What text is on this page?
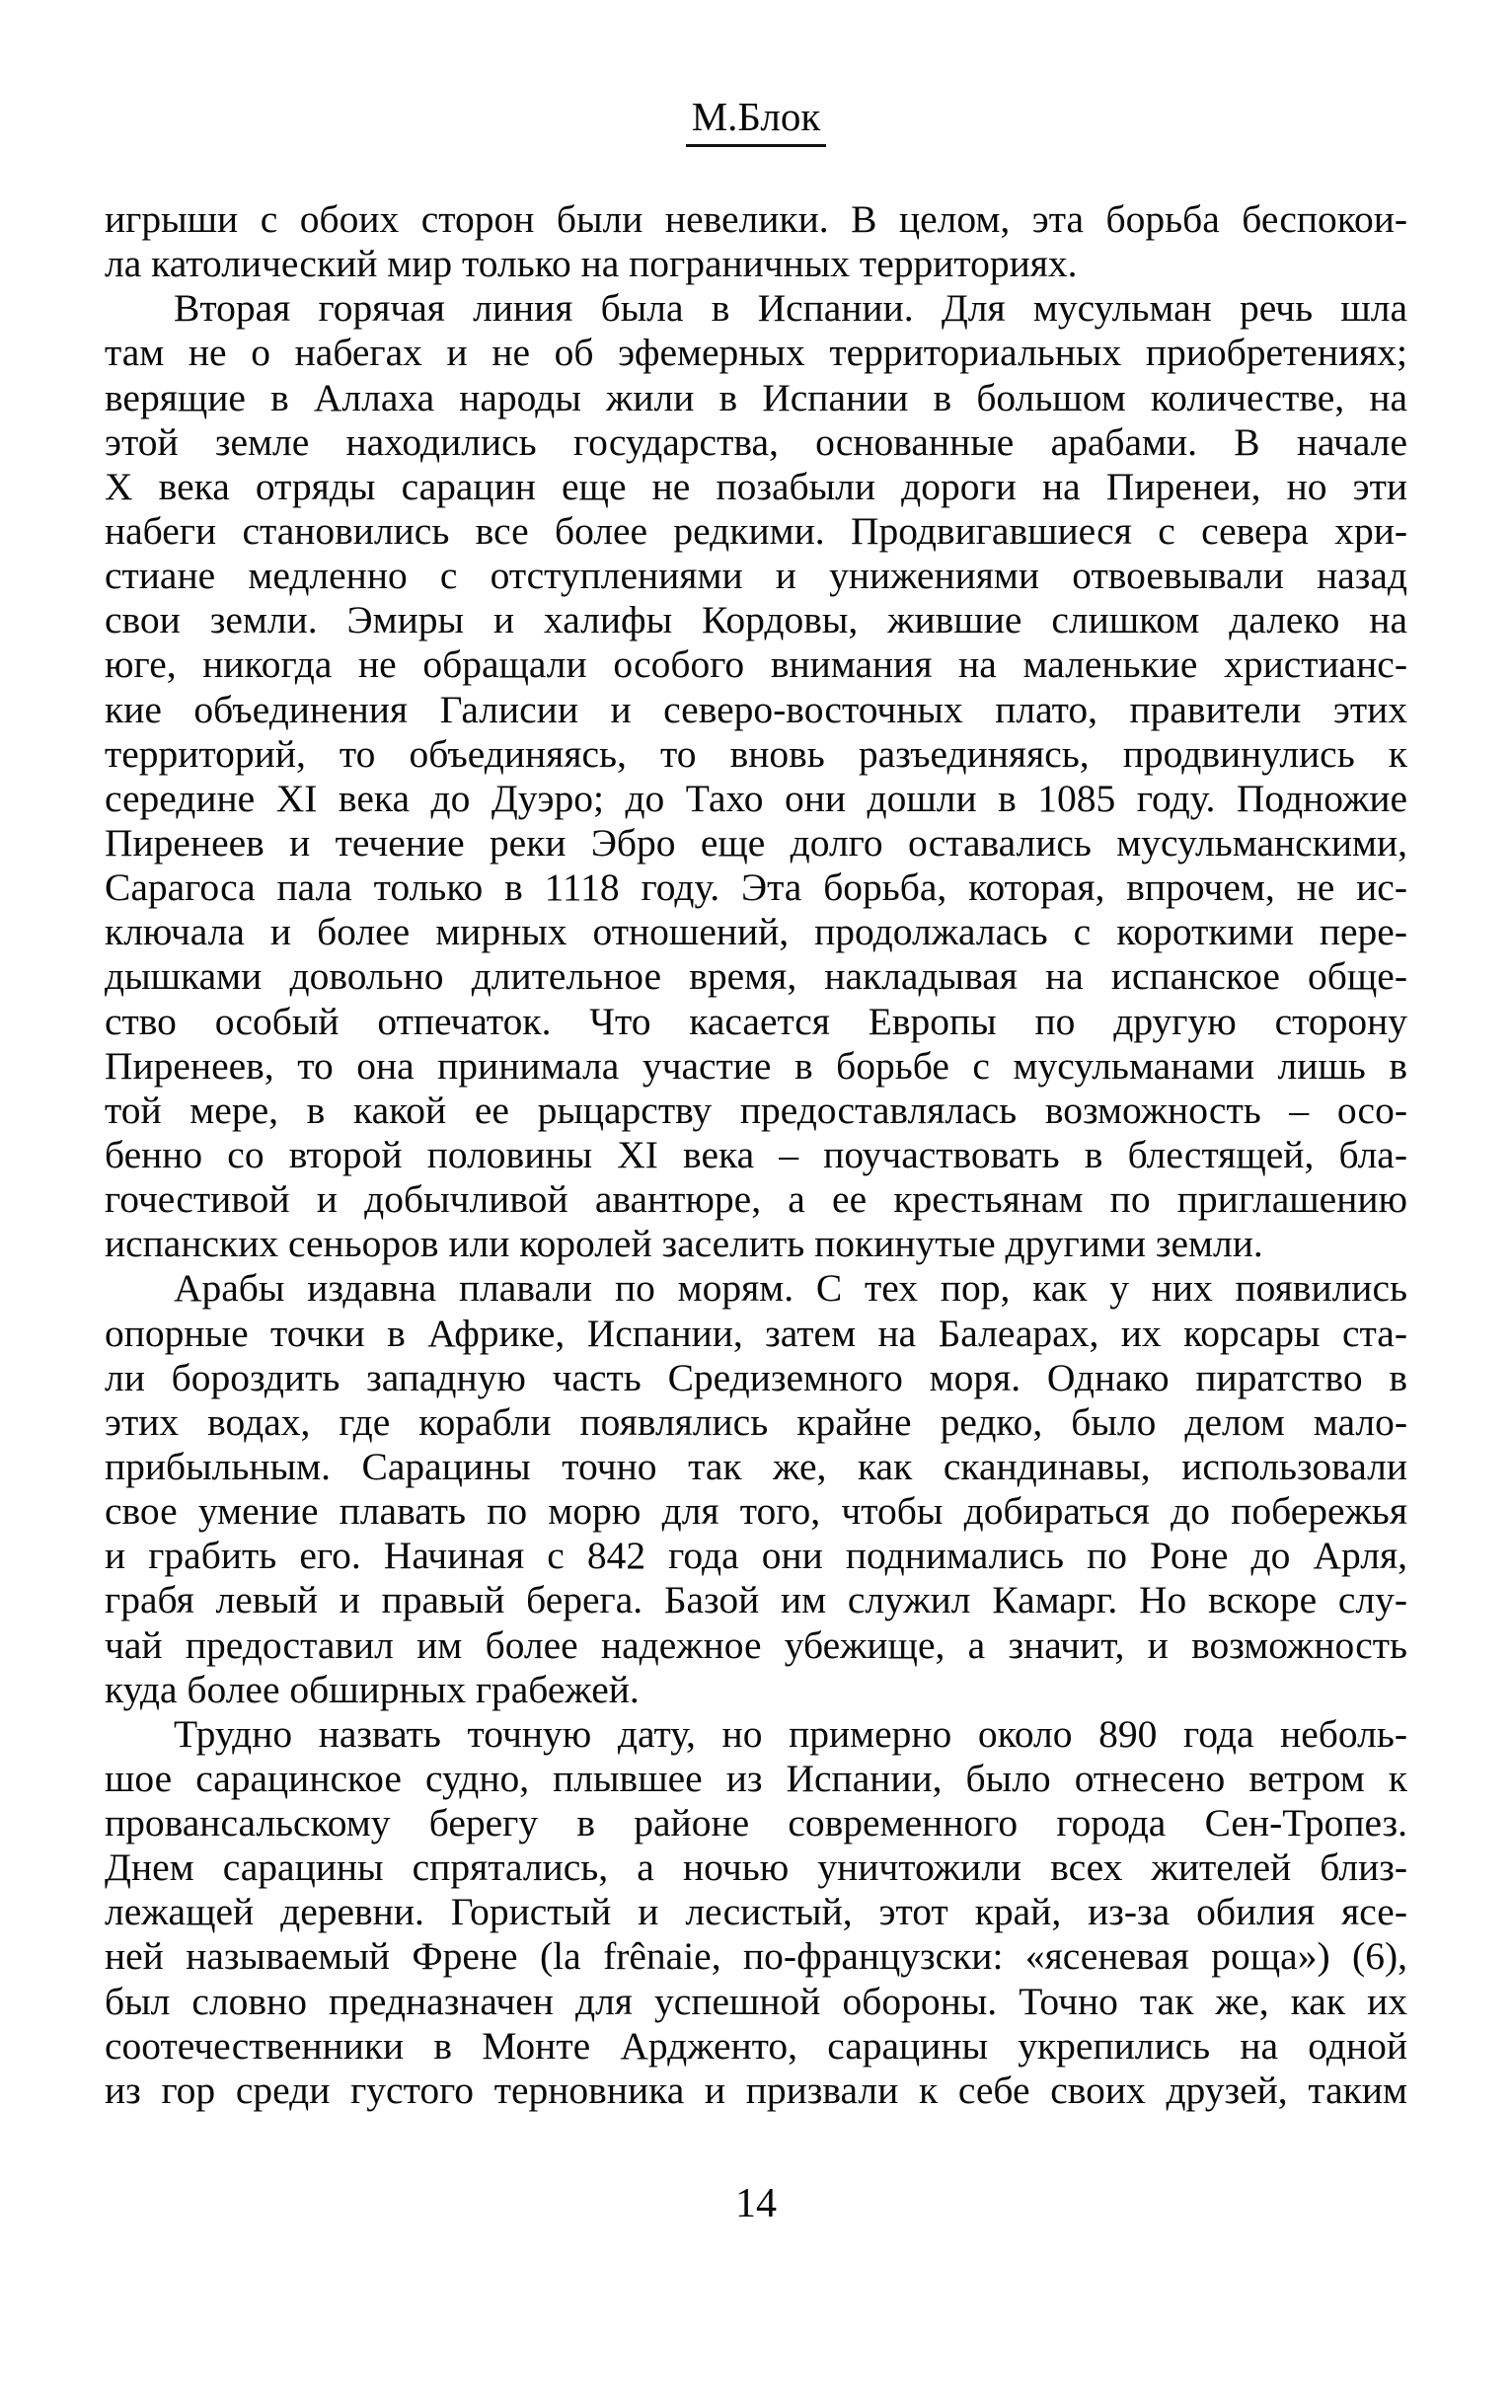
М.Блок
игрыши с обоих сторон были невелики. В целом, эта борьба беспокои-
ла католический мир только на пограничных территориях.
Вторая горячая линия была в Испании. Для мусульман речь шла
там не о набегах и не об эфемерных территориальных приобретениях;
верящие в Аллаха народы жили в Испании в большом количестве, на
этой земле находились государства, основанные арабами. В начале
X века отряды сарацин еще не позабыли дороги на Пиренеи, но эти
набеги становились все более редкими. Продвигавшиеся с севера хри-
стиане медленно с отступлениями и унижениями отвоевывали назад
свои земли. Эмиры и халифы Кордовы, жившие слишком далеко на
юге, никогда не обращали особого внимания на маленькие христианс-
кие объединения Галисии и северо-восточных плато, правители этих
территорий, то объединяясь, то вновь разъединяясь, продвинулись к
середине XI века до Дуэро; до Тахо они дошли в 1085 году. Подножие
Пиренеев и течение реки Эбро еще долго оставались мусульманскими,
Сарагоса пала только в 1118 году. Эта борьба, которая, впрочем, не ис-
ключала и более мирных отношений, продолжалась с короткими пере-
дышками довольно длительное время, накладывая на испанское обще-
ство особый отпечаток. Что касается Европы по другую сторону
Пиренеев, то она принимала участие в борьбе с мусульманами лишь в
той мере, в какой ее рыцарству предоставлялась возможность – осо-
бенно со второй половины XI века – поучаствовать в блестящей, бла-
гочестивой и добычливой авантюре, а ее крестьянам по приглашению
испанских сеньоров или королей заселить покинутые другими земли.
Арабы издавна плавали по морям. С тех пор, как у них появились
опорные точки в Африке, Испании, затем на Балеарах, их корсары ста-
ли бороздить западную часть Средиземного моря. Однако пиратство в
этих водах, где корабли появлялись крайне редко, было делом мало-
прибыльным. Сарацины точно так же, как скандинавы, использовали
свое умение плавать по морю для того, чтобы добираться до побережья
и грабить его. Начиная с 842 года они поднимались по Роне до Арля,
грабя левый и правый берега. Базой им служил Камарг. Но вскоре слу-
чай предоставил им более надежное убежище, а значит, и возможность
куда более обширных грабежей.
Трудно назвать точную дату, но примерно около 890 года неболь-
шое сарацинское судно, плывшее из Испании, было отнесено ветром к
провансальскому берегу в районе современного города Сен-Тропез.
Днем сарацины спрятались, а ночью уничтожили всех жителей близ-
лежащей деревни. Гористый и лесистый, этот край, из-за обилия ясе-
ней называемый Френе (la frênaie, по-французски: «ясеневая роща») (6),
был словно предназначен для успешной обороны. Точно так же, как их
соотечественники в Монте Ардженто, сарацины укрепились на одной
из гор среди густого терновника и призвали к себе своих друзей, таким
14
